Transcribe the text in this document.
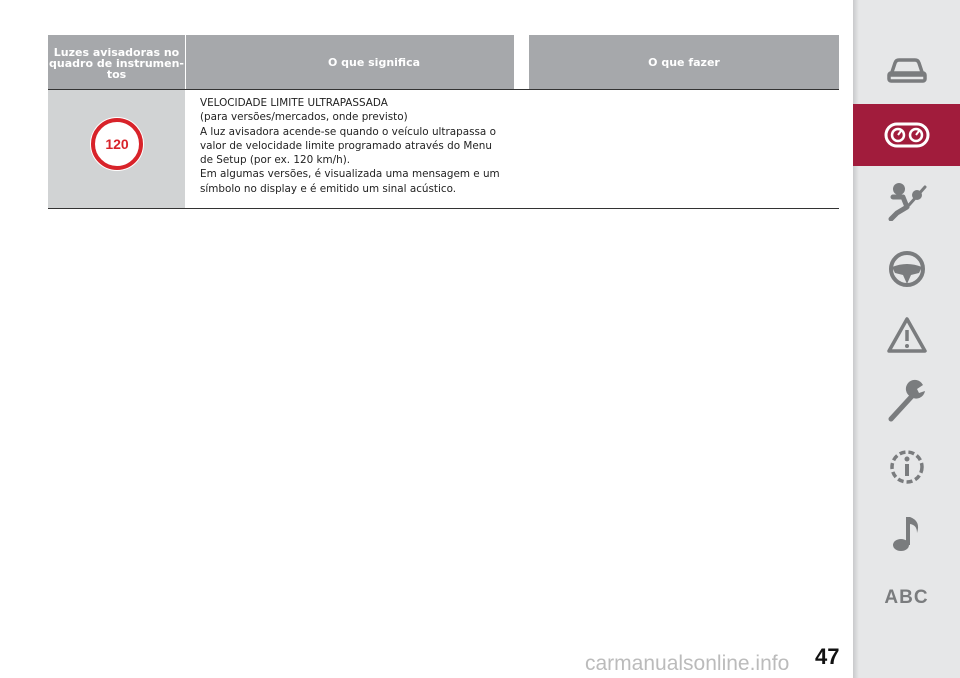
Luzes avisadoras no
quadro de instrumen-
tos
O que significa	O que fazer
120
VELOCIDADE LIMITE ULTRAPASSADA
(para versões/mercados, onde previsto)
A luz avisadora acende-se quando o veículo ultrapassa o
valor de velocidade limite programado através do Menu
de Setup (por ex. 120 km/h).
Em algumas versões, é visualizada uma mensagem e um
símbolo no display e é emitido um sinal acústico.
ABC
carmanualsonline.info 47
